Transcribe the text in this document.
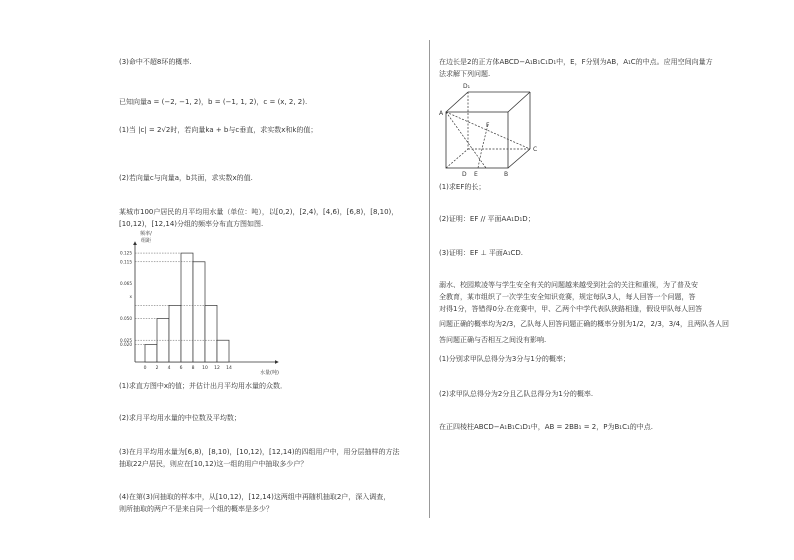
(3)命中不超8环的概率.
已知向量a = (−2, −1, 2)，b = (−1, 1, 2)，c = (x, 2, 2).
(1)当 |c| = 2√2时，若向量ka + b与c垂直，求实数x和k的值；
(2)若向量c与向量a，b共面，求实数x的值.
某城市100户居民的月平均用水量（单位：吨），以[0,2)，[2,4)，[4,6)，[6,8)，[8,10)，
[10,12)，[12,14)分组的频率分布直方图如图.
频率/
组距
0.125
0.115
0.065
x
0.050
0.025
0.020
0 2 4 6 8 10 12 14
水量(吨)
(1)求直方图中x的值；并估计出月平均用水量的众数．
(2)求月平均用水量的中位数及平均数；
(3)在月平均用水量为[6,8)，[8,10)，[10,12)，[12,14)的四组用户中，用分层抽样的方法
抽取22户居民，则应在[10,12)这一组的用户中抽取多少户？
(4)在第(3)问抽取的样本中，从[10,12)，[12,14)这两组中再随机抽取2户，深入调查，
则所抽取的两户不是来自同一个组的概率是多少？
在边长是2的正方体ABCD−A₁B₁C₁D₁中，E，F分别为AB，A₁C的中点。应用空间向量方
法求解下列问题.
D₁
A
C
B
D E
F
(1)求EF的长；
(2)证明：EF // 平面AA₁D₁D；
(3)证明：EF ⊥ 平面A₁CD.
溺水、校园欺凌等与学生安全有关的问题越来越受到社会的关注和重视，为了普及安
全教育，某市组织了一次学生安全知识竞赛，规定每队3人，每人回答一个问题，答
对得1分，答错得0分.在竞赛中，甲、乙两个中学代表队狭路相逢，假设甲队每人回答
问题正确的概率均为2/3，乙队每人回答问题正确的概率分别为1/2，2/3，3/4，且两队各人回
答问题正确与否相互之间没有影响.
(1)分别求甲队总得分为3分与1分的概率；
(2)求甲队总得分为2分且乙队总得分为1分的概率.
在正四棱柱ABCD−A₁B₁C₁D₁中，AB = 2BB₁ = 2，P为B₁C₁的中点.
